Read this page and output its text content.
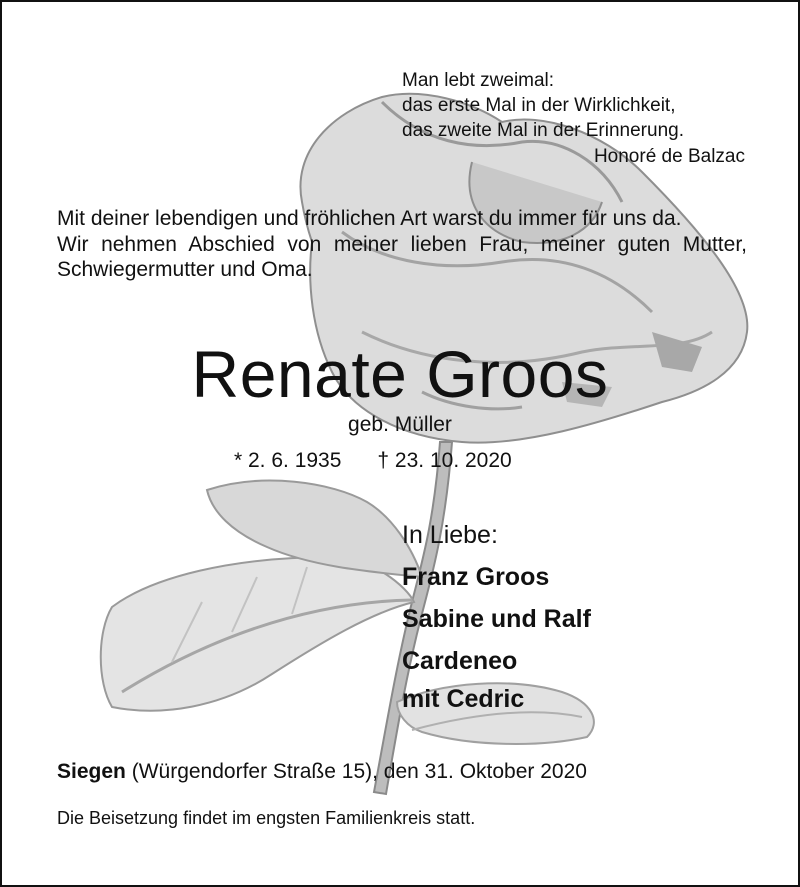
Man lebt zweimal:
das erste Mal in der Wirklichkeit,
das zweite Mal in der Erinnerung.
Honoré de Balzac

Mit deiner lebendigen und fröhlichen Art warst du immer für uns da.

Wir nehmen Abschied von meiner lieben Frau, meiner guten Mutter, Schwiegermutter und Oma.

Renate Groos
geb. Müller
* 2. 6. 1935 † 23. 10. 2020
In Liebe:
Franz Groos
Sabine und Ralf
Cardeneo
mit Cedric
Siegen (Würgendorfer Straße 15), den 31. Oktober 2020
Die Beisetzung findet im engsten Familienkreis statt.
